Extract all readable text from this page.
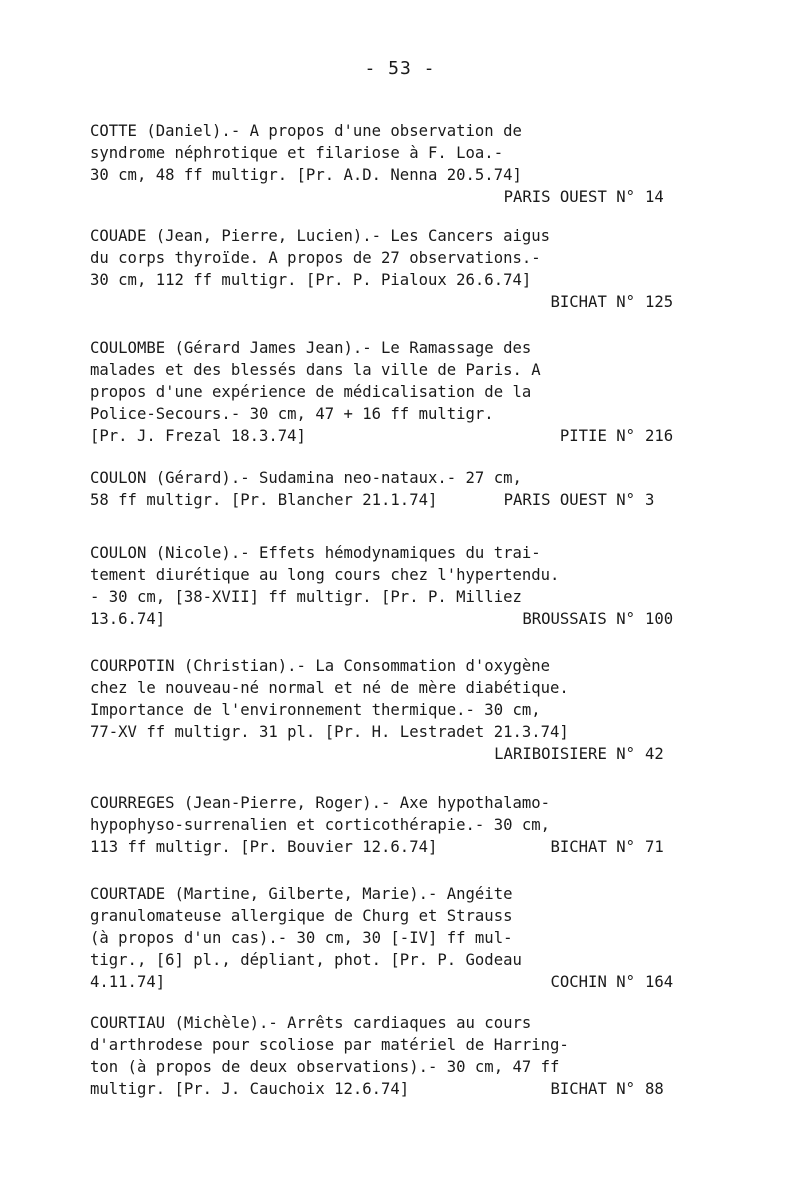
- 53 -
COTTE (Daniel).- A propos d'une observation de
syndrome néphrotique et filariose à F. Loa.-
30 cm, 48 ff multigr. [Pr. A.D. Nenna 20.5.74]
PARIS OUEST N° 14
COUADE (Jean, Pierre, Lucien).- Les Cancers aigus
du corps thyroïde. A propos de 27 observations.-
30 cm, 112 ff multigr. [Pr. P. Pialoux 26.6.74]
BICHAT N° 125
COULOMBE (Gérard James Jean).- Le Ramassage des
malades et des blessés dans la ville de Paris. A
propos d'une expérience de médicalisation de la
Police-Secours.- 30 cm, 47 + 16 ff multigr.
[Pr. J. Frezal 18.3.74]	PITIE N° 216
COULON (Gérard).- Sudamina neo-nataux.- 27 cm,
58 ff multigr. [Pr. Blancher 21.1.74]	PARIS OUEST N° 3
COULON (Nicole).- Effets hémodynamiques du trai-
tement diurétique au long cours chez l'hypertendu.
- 30 cm, [38-XVII] ff multigr. [Pr. P. Milliez
13.6.74]	BROUSSAIS N° 100
COURPOTIN (Christian).- La Consommation d'oxygène
chez le nouveau-né normal et né de mère diabétique.
Importance de l'environnement thermique.- 30 cm,
77-XV ff multigr. 31 pl. [Pr. H. Lestradet 21.3.74]
LARIBOISIERE N° 42
COURREGES (Jean-Pierre, Roger).- Axe hypothalamo-
hypophyso-surrenalien et corticothérapie.- 30 cm,
113 ff multigr. [Pr. Bouvier 12.6.74]	BICHAT N° 71
COURTADE (Martine, Gilberte, Marie).- Angéite
granulomateuse allergique de Churg et Strauss
(à propos d'un cas).- 30 cm, 30 [-IV] ff mul-
tigr., [6] pl., dépliant, phot. [Pr. P. Godeau
4.11.74]	COCHIN N° 164
COURTIAU (Michèle).- Arrêts cardiaques au cours
d'arthrodese pour scoliose par matériel de Harring-
ton (à propos de deux observations).- 30 cm, 47 ff
multigr. [Pr. J. Cauchoix 12.6.74]	BICHAT N° 88
